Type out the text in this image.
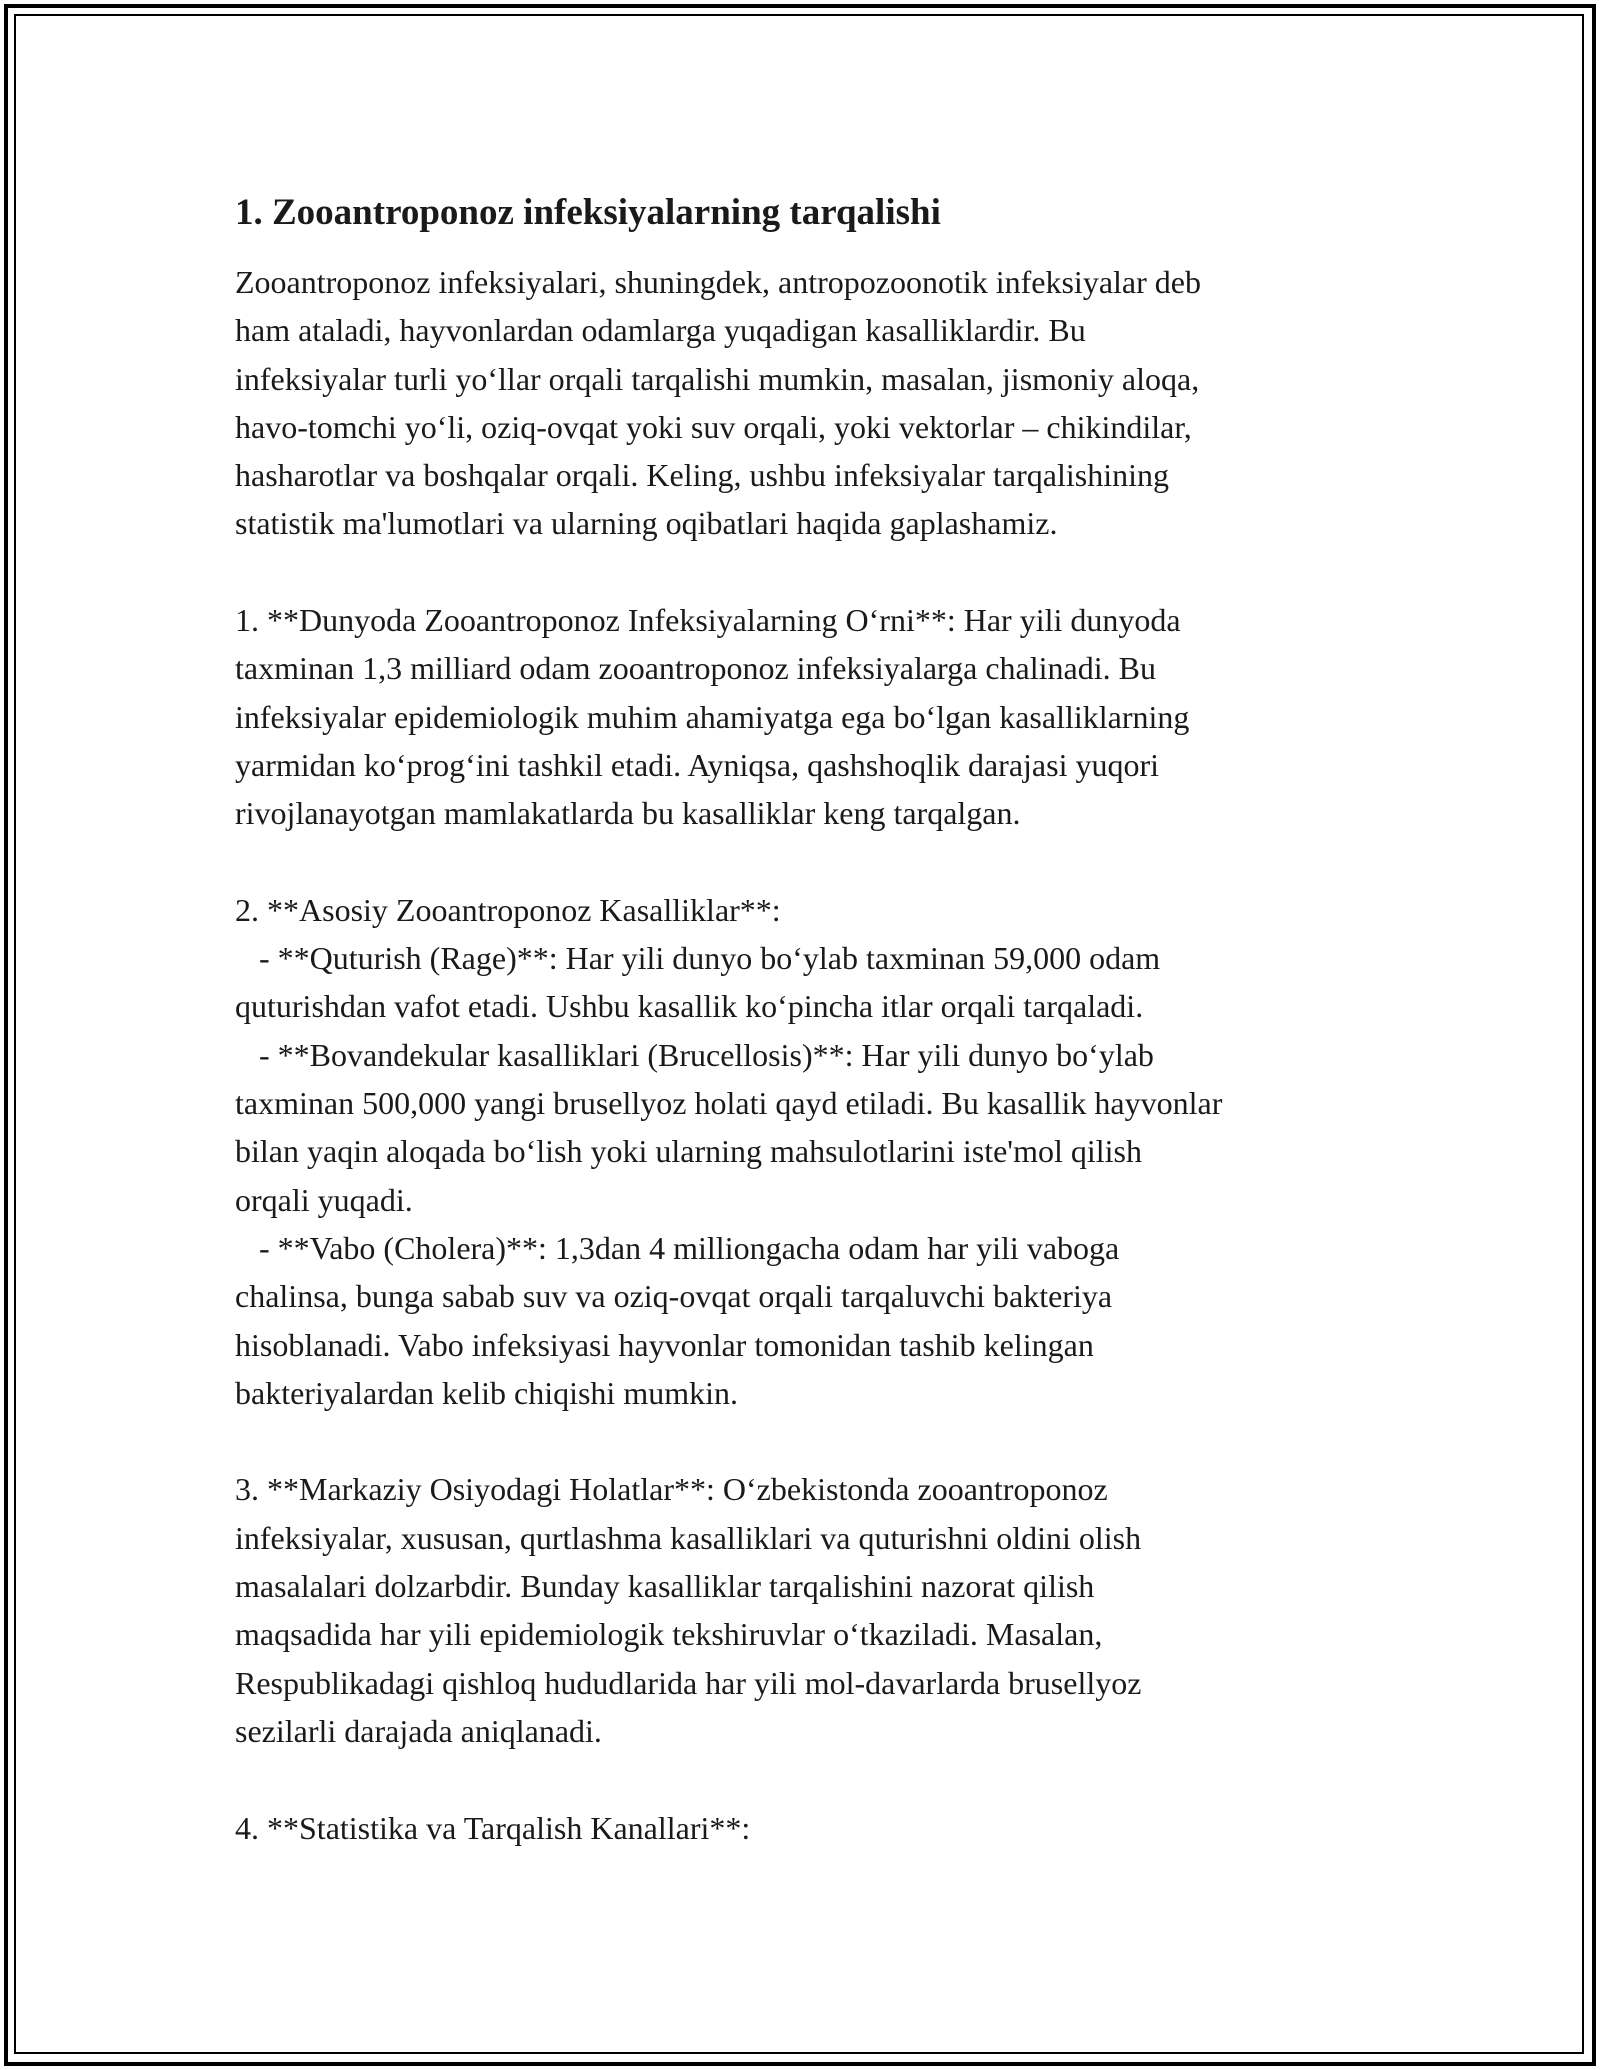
1. Zooantroponoz infeksiyalarning tarqalishi
Zooantroponoz infeksiyalari, shuningdek, antropozoonotik infeksiyalar deb
ham ataladi, hayvonlardan odamlarga yuqadigan kasalliklardir. Bu
infeksiyalar turli yo‘llar orqali tarqalishi mumkin, masalan, jismoniy aloqa,
havo-tomchi yo‘li, oziq-ovqat yoki suv orqali, yoki vektorlar – chikindilar,
hasharotlar va boshqalar orqali. Keling, ushbu infeksiyalar tarqalishining
statistik ma'lumotlari va ularning oqibatlari haqida gaplashamiz.
1. **Dunyoda Zooantroponoz Infeksiyalarning O‘rni**: Har yili dunyoda
taxminan 1,3 milliard odam zooantroponoz infeksiyalarga chalinadi. Bu
infeksiyalar epidemiologik muhim ahamiyatga ega bo‘lgan kasalliklarning
yarmidan ko‘prog‘ini tashkil etadi. Ayniqsa, qashshoqlik darajasi yuqori
rivojlanayotgan mamlakatlarda bu kasalliklar keng tarqalgan.
2. **Asosiy Zooantroponoz Kasalliklar**:
- **Quturish (Rage)**: Har yili dunyo bo‘ylab taxminan 59,000 odam
quturishdan vafot etadi. Ushbu kasallik ko‘pincha itlar orqali tarqaladi.
- **Bovandekular kasalliklari (Brucellosis)**: Har yili dunyo bo‘ylab
taxminan 500,000 yangi brusellyoz holati qayd etiladi. Bu kasallik hayvonlar
bilan yaqin aloqada bo‘lish yoki ularning mahsulotlarini iste'mol qilish
orqali yuqadi.
- **Vabo (Cholera)**: 1,3dan 4 milliongacha odam har yili vaboga
chalinsa, bunga sabab suv va oziq-ovqat orqali tarqaluvchi bakteriya
hisoblanadi. Vabo infeksiyasi hayvonlar tomonidan tashib kelingan
bakteriyalardan kelib chiqishi mumkin.
3. **Markaziy Osiyodagi Holatlar**: O‘zbekistonda zooantroponoz
infeksiyalar, xususan, qurtlashma kasalliklari va quturishni oldini olish
masalalari dolzarbdir. Bunday kasalliklar tarqalishini nazorat qilish
maqsadida har yili epidemiologik tekshiruvlar o‘tkaziladi. Masalan,
Respublikadagi qishloq hududlarida har yili mol-davarlarda brusellyoz
sezilarli darajada aniqlanadi.
4. **Statistika va Tarqalish Kanallari**:
